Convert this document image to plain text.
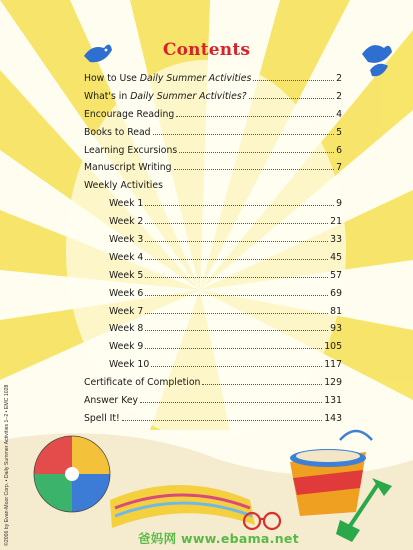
©2006 by Evan-Moor Corp. • Daily Summer Activities 1–2 • EMC 1028
Contents
How to Use Daily Summer Activities	2
What's in Daily Summer Activities?	2
Encourage Reading	4
Books to Read	5
Learning Excursions	6
Manuscript Writing	7
Weekly Activities
Week 1	9
Week 2	21
Week 3	33
Week 4	45
Week 5	57
Week 6	69
Week 7	81
Week 8	93
Week 9	105
Week 10	117
Certificate of Completion	129
Answer Key	131
Spell It!	143
爸妈网 www.ebama.net
